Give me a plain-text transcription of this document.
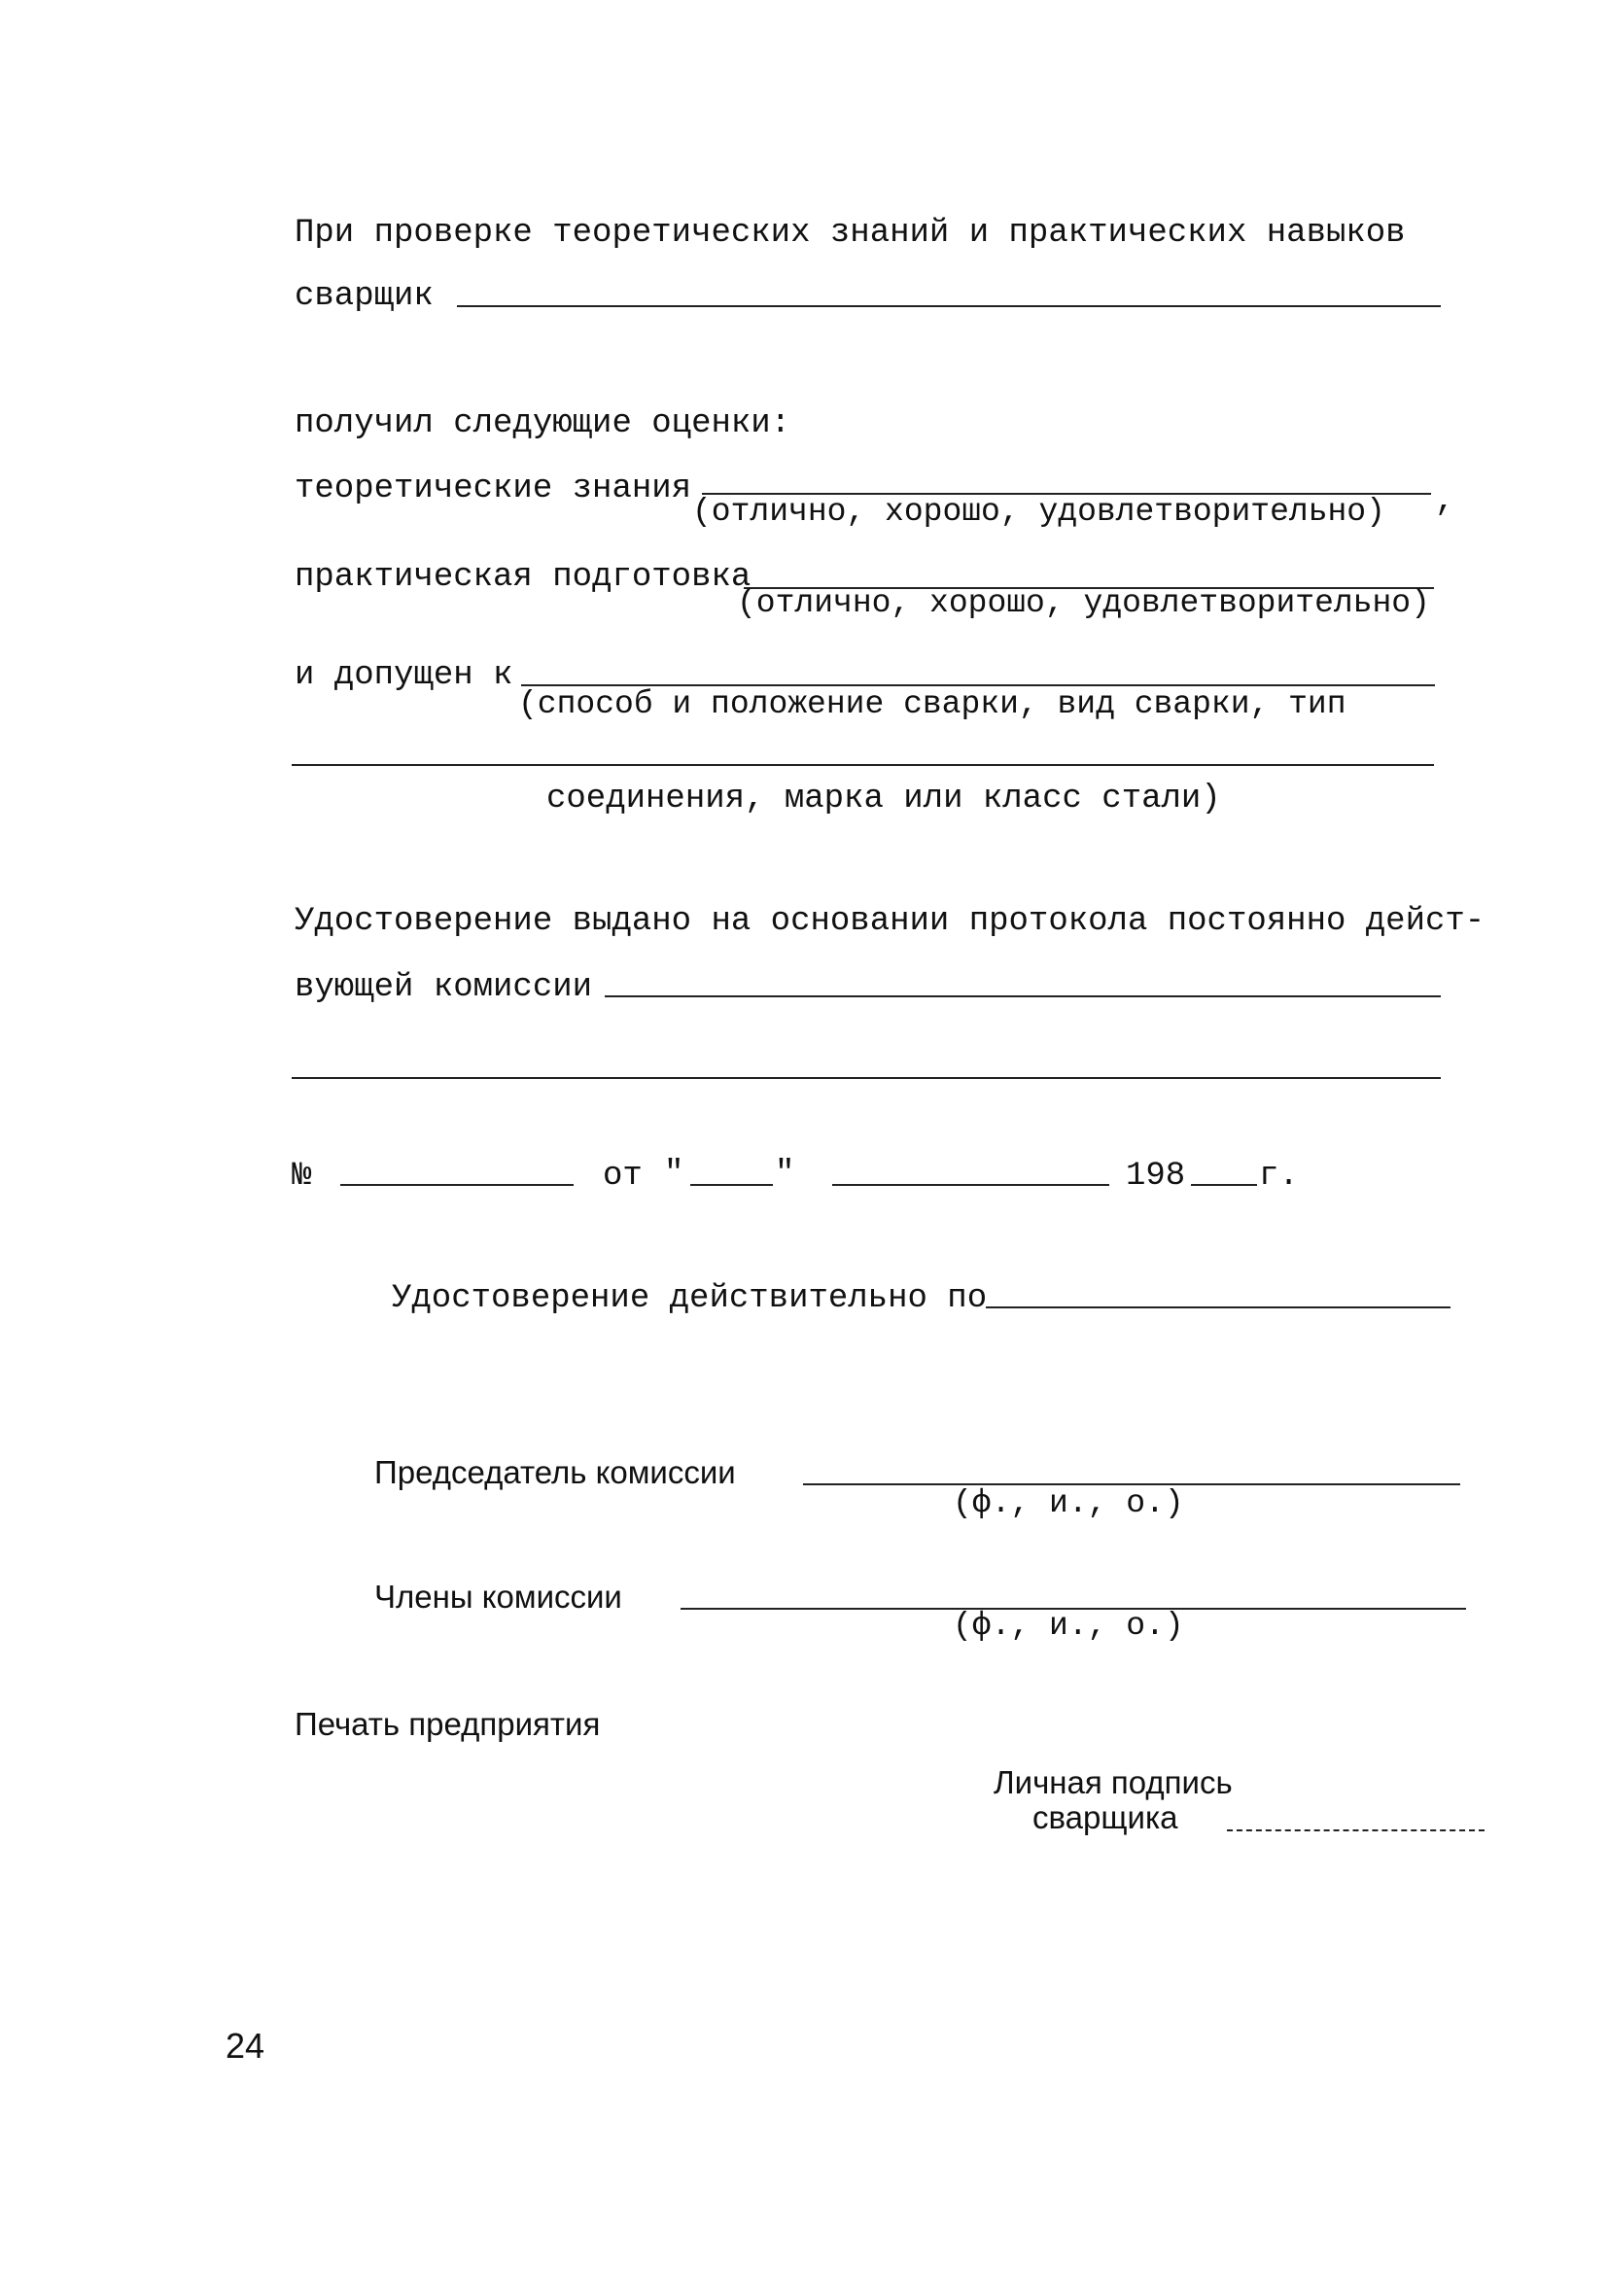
При проверке теоретических знаний и практических навыков
сварщик
получил следующие оценки:
теоретические знания
(отлично, хорошо, удовлетворительно) ,
практическая подготовка
(отлично, хорошо, удовлетворительно)
и допущен к
(способ и положение сварки, вид сварки, тип
соединения, марка или класс стали)
Удостоверение выдано на основании протокола постоянно дейст-
вующей комиссии
№	от "	"	198 г.
Удостоверение действительно по
Председатель комиссии
(ф., и., о.)
Члены комиссии
(ф., и., о.)
Печать предприятия
Личная подпись
сварщика
24
